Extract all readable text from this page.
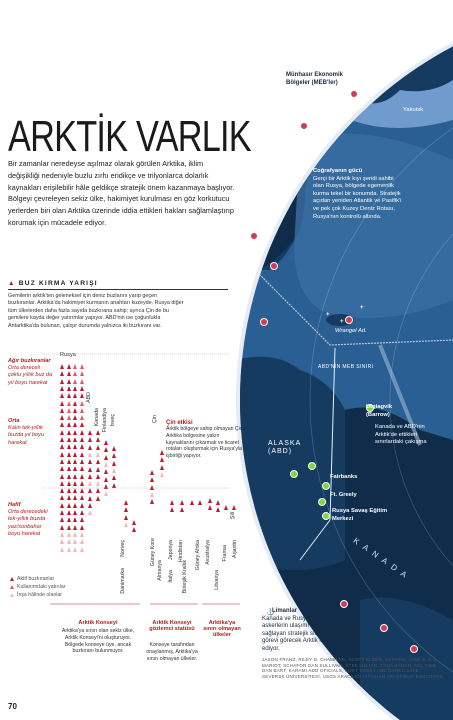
+
+
+
⚓
Münhasır Ekonomik Bölgeler (MEB'ler)
Ülkeler, kıyılarından en fazla 200 deniz mili uzaklıktaki deniz yatakları ve doğal kaynak alanları üzerinde yetkisine sahip.
Yakutsk
Coğrafyanın gücü
Gerçi bir Arktik kıyı şeridi sahibi olan Rusya, bölgede egemenlik kurma tekel bir konumda. Stratejik açıdan yeniden Atlantik ve Pasifik'i ve pek çok Kuzey Deniz Rotası, Rusya'nın kontrolü altında.
Wrangel Ad.
ABD'NİN MEB SINIRI
Utqiagvik (Barrow)
ALASKA (ABD)
Kanada ve ABD'nin Arktik'de ettikleri sınırlardaki çakışma
Fairbanks
Ft. Greely
Rusya Savaş Eğitim Merkezi
KANADA
Limanlar
Kanada ve Rusya, kargo ve askerlerin ulaşımı için yakıt ikmali sağlayan stratejik sıklama merkezleri görevi görecek Arktik limanları inşa ediyor.
ARKTİK VARLIK
Bir zamanlar neredeyse aşılmaz olarak görülen Arktika, iklim değişikliği nedeniyle buzlu zırhı eridikçe ve trilyonlarca dolarlık kaynakları erişilebilir hâle geldikçe stratejik önem kazanmaya başlıyor. Bölgeyi çevreleyen sekiz ülke, hakimiyet kurulması en göz korkutucu yerlerden biri olan Arktika üzerinde iddia ettikleri hakları sağlamlaştırıp korumak için mücadele ediyor.
▲ BUZ KIRMA YARIŞI
Gemilerin arktik'ten geleneksel için deniz buzlarını yarıp geçen buzkıranlar. Arktika'da hakimiyet kurmanın anahtarı kuzeyde. Rusya diğer tüm ülkelerden daha fazla sayıda buzkırana sahip; ayrıca Çin de bu gemilere kayda değer yatırımlar yapıyor. ABD'nin ise çoğunlukla Antarktika'da bulunan, çalışır durumda yalnızca iki buzkıranı var.
Ağır buzkıranlar
Orta dereceli çoklu yıllık buz da yıl boyu harekat
Orta
Kalın tek-yıllık buzda yıl boyu harekat
Hafif
Orta derecedeki tek-yıllık buzda yaz/sonbahar boyu harekat
Rusya
ABD
Kanada Finlandiya İsveç
Norveç
Danimarka
Çin
Güney Kore
Almanya
Japonya
İtalya
Hindistan
Birleşik Krallık
Güney Afrika Avustralya
Litvanya
Fransa
Şili
Arjantin
Çin etkisi
Arktik bölgeye sahip olmayan Çin, Arktika bölgesine yakın kaynaklarını çıkarmak ve ticaret rotaları oluşturmak için Rusya'yla işbirliği yapıyor.
Aktif buzkıranlar
Kullanımdaki yatırılar
İnşa hâlinde olanlar
Arktik Konseyi
Arktika'ya sınırı olan sekiz ülke, Arktik Konseyi'ni oluşturuyor. Bölgede konseye üye, ancak buzkıranı bulunmuyor.
Arktik Konseyi gözlemci statüsü
Konseye tarafından onaylanmış, Arktika'ya sınırı olmayan ülkeler.
Arktika'ya sınırı olmayan ülkeler
JASON FRANZ, RILEY D. CHAMPINE, SCOTT ELDER, KATRINA, JANE S. & S. MARIOT; SCHAFOR DAN SULLIVAN, STEE LILLIAN, ZOHA ZAMAN, SEL TIME, DAN BART, KARAMI ADD OFICIALS, KURT YOCKY ABD DARES SAFE, SEVERSK ÜNİVERSİTESİ, USGS ARACILIĞI İSTİAHAN ARAŞTIRMA ENSTİTÜSÜ
70
